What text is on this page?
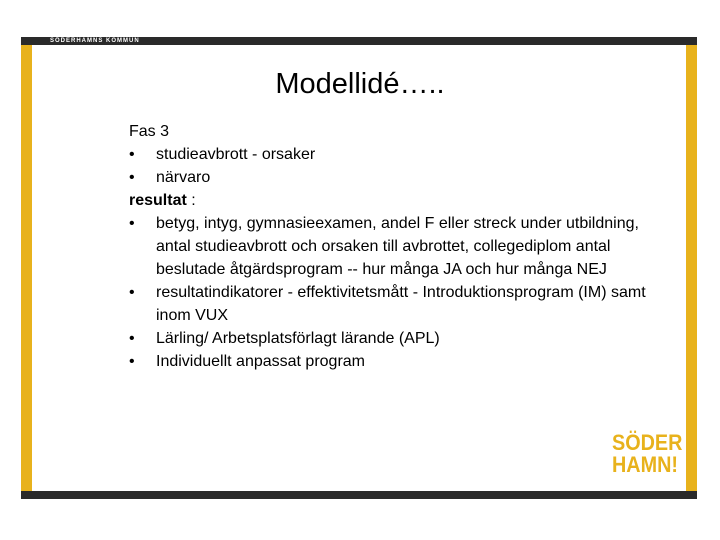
SÖDERHAMNS KOMMUN
Modellidé…..

Fas 3

•	studieavbrott - orsaker
•	närvaro

resultat :

•	betyg, intyg, gymnasieexamen, andel F eller streck under utbildning, antal studieavbrott och orsaken till avbrottet, collegediplom antal beslutade åtgärdsprogram -- hur många JA och hur många NEJ
•	resultatindikatorer - effektivitetsmått - Introduktionsprogram (IM) samt inom VUX
•	Lärling/ Arbetsplatsförlagt lärande (APL)
•	Individuellt anpassat program
SÖDER
HAMN!
